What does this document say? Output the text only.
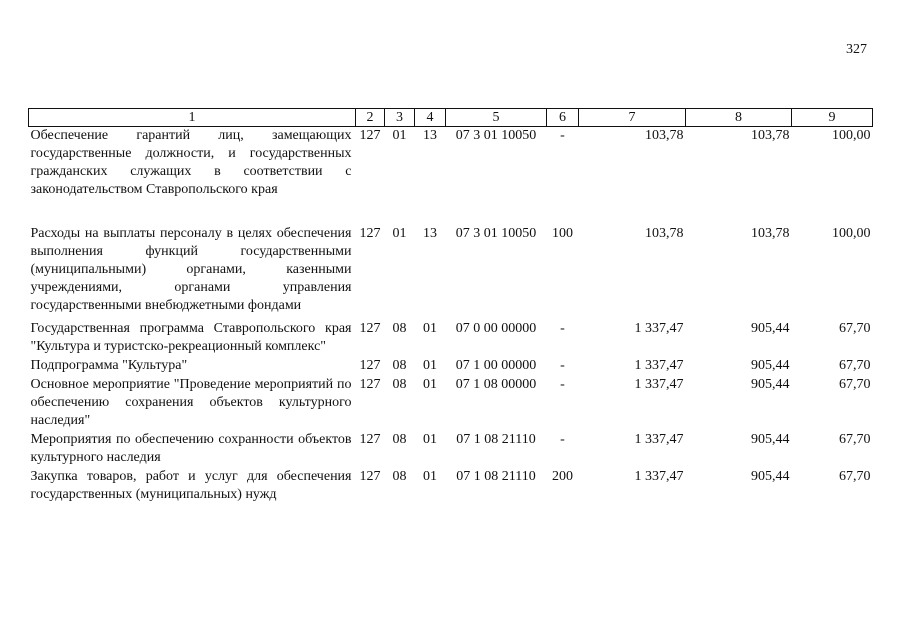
327
1	2	3	4	5	6	7	8	9
Обеспечение гарантий лиц, замещающих государственные должности, и государственных гражданских служащих в соответствии с законодательством Ставропольского края	127	01	13	07 3 01 10050	-	103,78	103,78	100,00
Расходы на выплаты персоналу в целях обеспечения выполнения функций государственными (муниципальными) органами, казенными учреждениями, органами управления государственными внебюджетными фондами	127	01	13	07 3 01 10050	100	103,78	103,78	100,00
Государственная программа Ставропольского края "Культура и туристско-рекреационный комплекс"	127	08	01	07 0 00 00000	-	1 337,47	905,44	67,70
Подпрограмма "Культура"	127	08	01	07 1 00 00000	-	1 337,47	905,44	67,70
Основное мероприятие "Проведение мероприятий по обеспечению сохранения объектов культурного наследия"	127	08	01	07 1 08 00000	-	1 337,47	905,44	67,70
Мероприятия по обеспечению сохранности объектов культурного наследия	127	08	01	07 1 08 21110	-	1 337,47	905,44	67,70
Закупка товаров, работ и услуг для обеспечения государственных (муниципальных) нужд	127	08	01	07 1 08 21110	200	1 337,47	905,44	67,70
